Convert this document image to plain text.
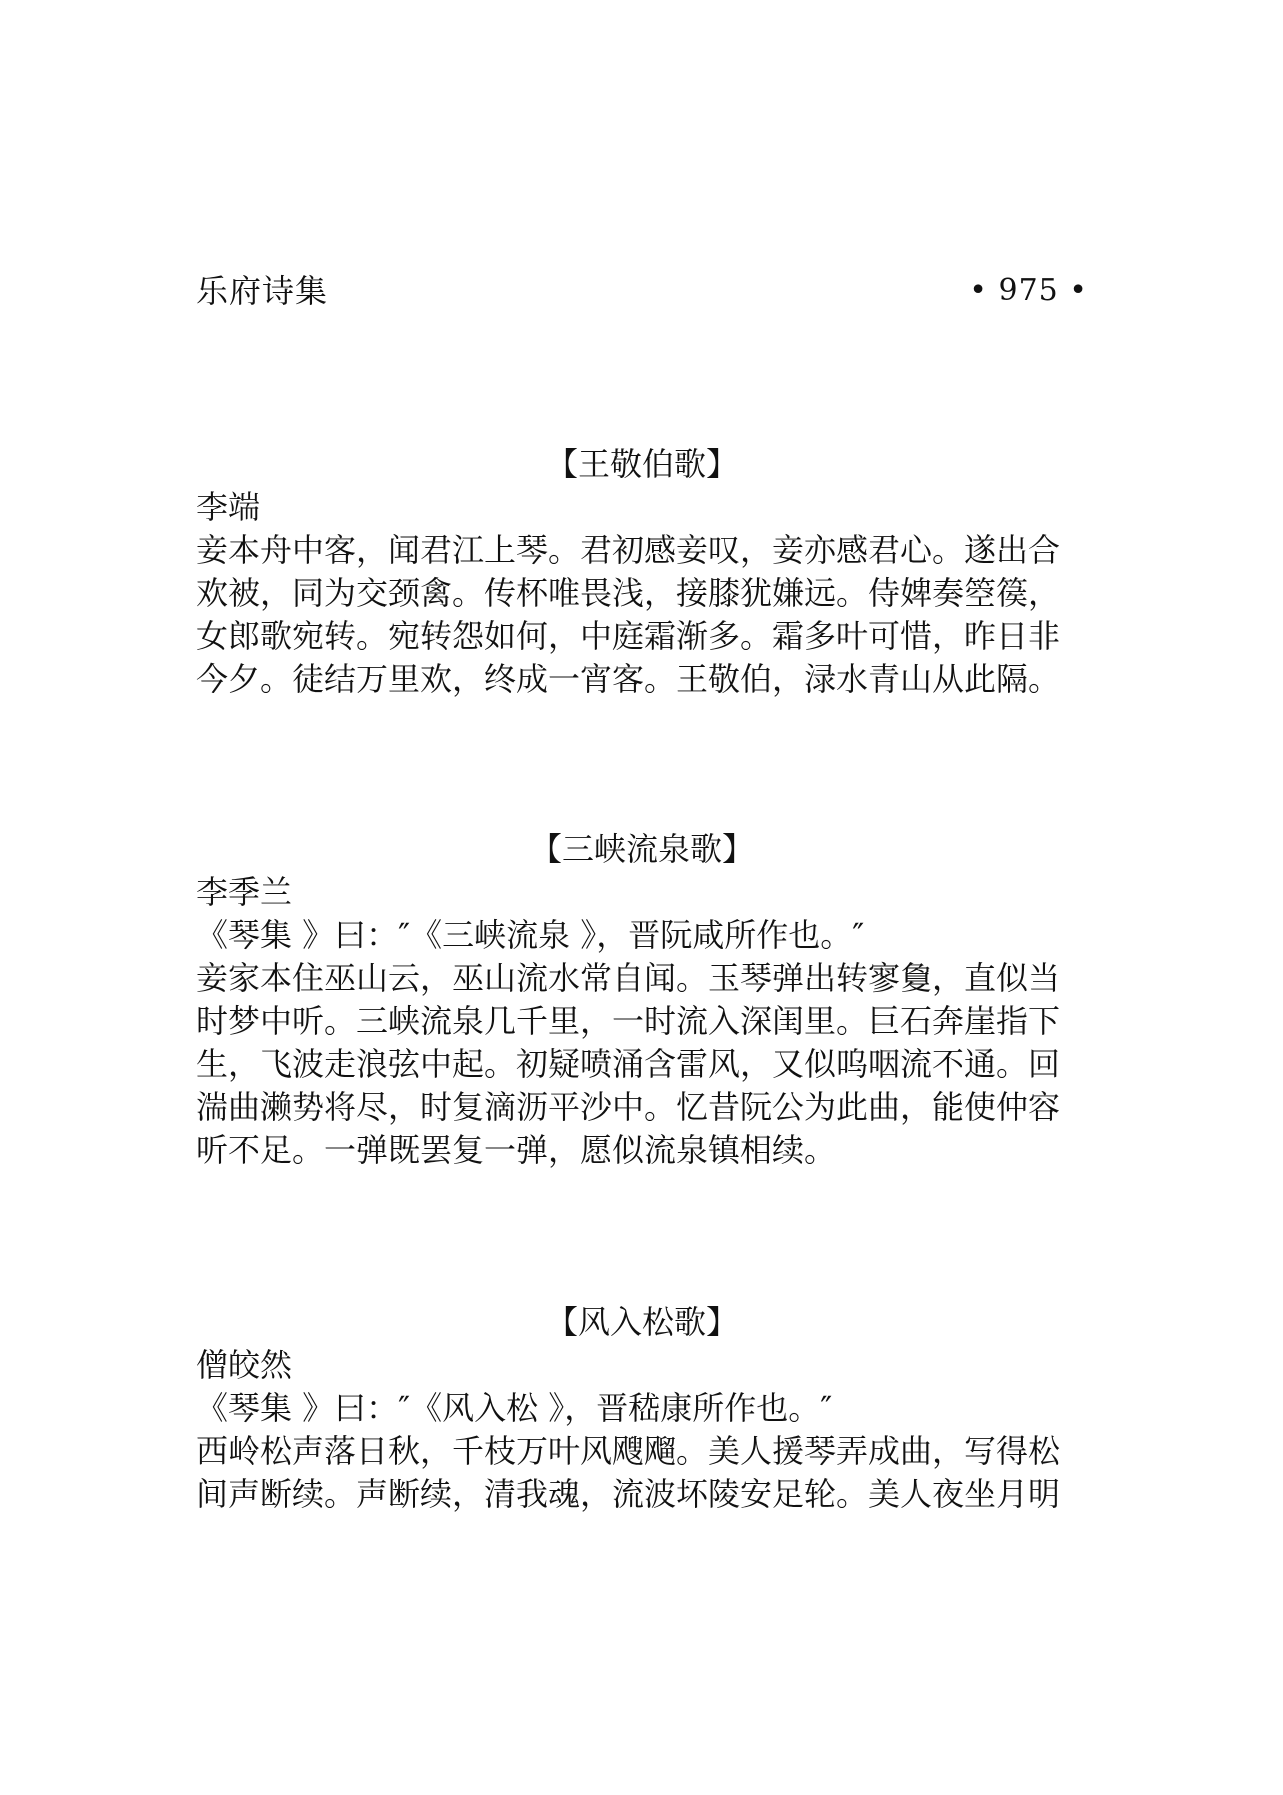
乐府诗集	• 975 •
【王敬伯歌】
李端
妾本舟中客，闻君江上琴。君初感妾叹，妾亦感君心。遂出合
欢被，同为交颈禽。传杯唯畏浅，接膝犹嫌远。侍婢奏箜篌，
女郎歌宛转。宛转怨如何，中庭霜渐多。霜多叶可惜，昨日非
今夕。徒结万里欢，终成一宵客。王敬伯，渌水青山从此隔。
【三峡流泉歌】
李季兰
《琴集 》曰：″《三峡流泉 》，晋阮咸所作也。″
妾家本住巫山云，巫山流水常自闻。玉琴弹出转寥敻，直似当
时梦中听。三峡流泉几千里，一时流入深闺里。巨石奔崖指下
生，飞波走浪弦中起。初疑喷涌含雷风，又似呜咽流不通。回
湍曲濑势将尽，时复滴沥平沙中。忆昔阮公为此曲，能使仲容
听不足。一弹既罢复一弹，愿似流泉镇相续。
【风入松歌】
僧皎然
《琴集 》曰：″《风入松 》，晋嵇康所作也。″
西岭松声落日秋，千枝万叶风飕飗。美人援琴弄成曲，写得松
间声断续。声断续，清我魂，流波坏陵安足轮。美人夜坐月明
